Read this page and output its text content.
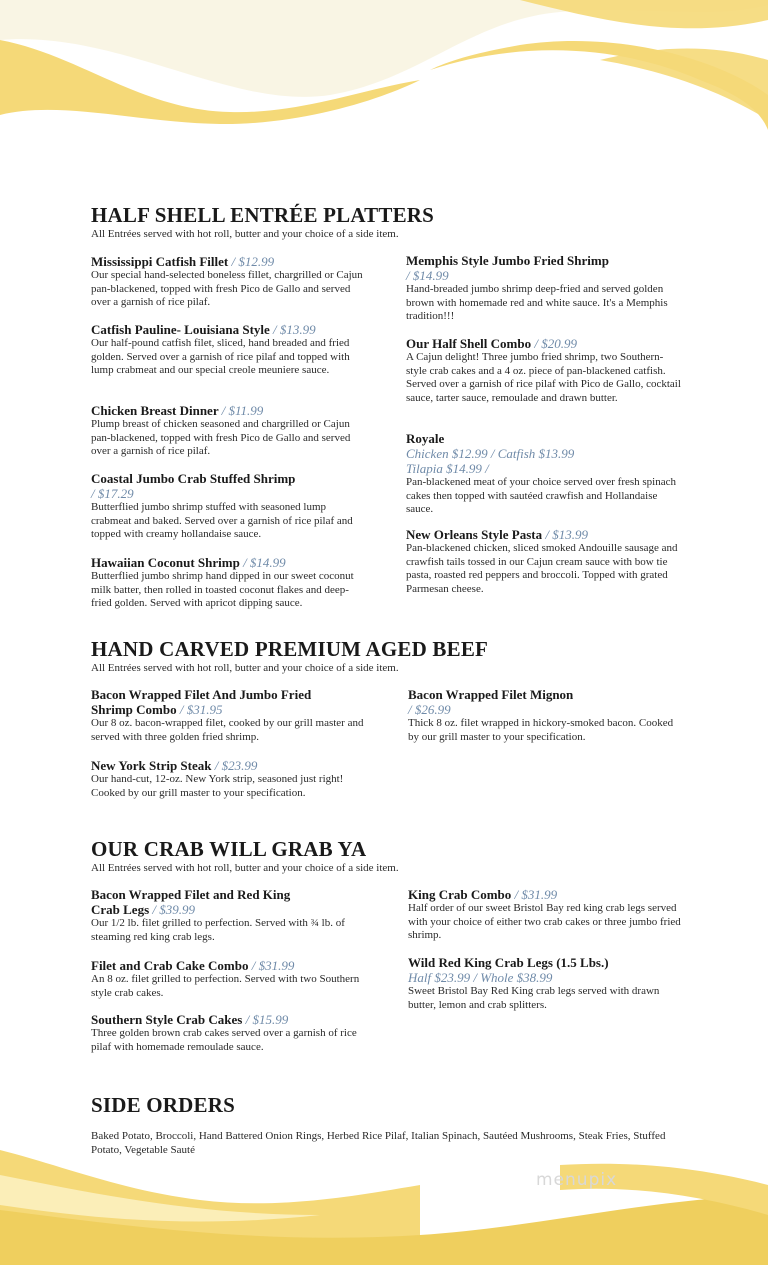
HALF SHELL ENTRÉE PLATTERS
All Entrées served with hot roll, butter and your choice of a side item.
Mississippi Catfish Fillet / $12.99
Our special hand-selected boneless fillet, chargrilled or Cajun pan-blackened, topped with fresh Pico de Gallo and served over a garnish of rice pilaf.
Catfish Pauline- Louisiana Style / $13.99
Our half-pound catfish filet, sliced, hand breaded and fried golden. Served over a garnish of rice pilaf and topped with lump crabmeat and our special creole meuniere sauce.
Chicken Breast Dinner / $11.99
Plump breast of chicken seasoned and chargrilled or Cajun pan-blackened, topped with fresh Pico de Gallo and served over a garnish of rice pilaf.
Coastal Jumbo Crab Stuffed Shrimp
/ $17.29
Butterflied jumbo shrimp stuffed with seasoned lump crabmeat and baked. Served over a garnish of rice pilaf and topped with creamy hollandaise sauce.
Hawaiian Coconut Shrimp / $14.99
Butterflied jumbo shrimp hand dipped in our sweet coconut milk batter, then rolled in toasted coconut flakes and deep-fried golden. Served with apricot dipping sauce.
Memphis Style Jumbo Fried Shrimp
/ $14.99
Hand-breaded jumbo shrimp deep-fried and served golden brown with homemade red and white sauce. It's a Memphis tradition!!!
Our Half Shell Combo / $20.99
A Cajun delight! Three jumbo fried shrimp, two Southern-style crab cakes and a 4 oz. piece of pan-blackened catfish. Served over a garnish of rice pilaf with Pico de Gallo, cocktail sauce, tarter sauce, remoulade and drawn butter.
Royale
Chicken $12.99 / Catfish $13.99
Tilapia $14.99 /
Pan-blackened meat of your choice served over fresh spinach cakes then topped with sautéed crawfish and Hollandaise sauce.
New Orleans Style Pasta / $13.99
Pan-blackened chicken, sliced smoked Andouille sausage and crawfish tails tossed in our Cajun cream sauce with bow tie pasta, roasted red peppers and broccoli. Topped with grated Parmesan cheese.
HAND CARVED PREMIUM AGED BEEF
All Entrées served with hot roll, butter and your choice of a side item.
Bacon Wrapped Filet And Jumbo Fried
Shrimp Combo / $31.95
Our 8 oz. bacon-wrapped filet, cooked by our grill master and served with three golden fried shrimp.
New York Strip Steak / $23.99
Our hand-cut, 12-oz. New York strip, seasoned just right! Cooked by our grill master to your specification.
Bacon Wrapped Filet Mignon
/ $26.99
Thick 8 oz. filet wrapped in hickory-smoked bacon. Cooked by our grill master to your specification.
OUR CRAB WILL GRAB YA
All Entrées served with hot roll, butter and your choice of a side item.
Bacon Wrapped Filet and Red King
Crab Legs / $39.99
Our 1/2 lb. filet grilled to perfection. Served with ¾ lb. of steaming red king crab legs.
Filet and Crab Cake Combo / $31.99
An 8 oz. filet grilled to perfection. Served with two Southern style crab cakes.
Southern Style Crab Cakes / $15.99
Three golden brown crab cakes served over a garnish of rice pilaf with homemade remoulade sauce.
King Crab Combo / $31.99
Half order of our sweet Bristol Bay red king crab legs served with your choice of either two crab cakes or three jumbo fried shrimp.
Wild Red King Crab Legs (1.5 Lbs.)
Half $23.99 / Whole $38.99
Sweet Bristol Bay Red King crab legs served with drawn butter, lemon and crab splitters.
SIDE ORDERS
Baked Potato, Broccoli, Hand Battered Onion Rings, Herbed Rice Pilaf, Italian Spinach, Sautéed Mushrooms, Steak Fries, Stuffed Potato, Vegetable Sauté
menupix
